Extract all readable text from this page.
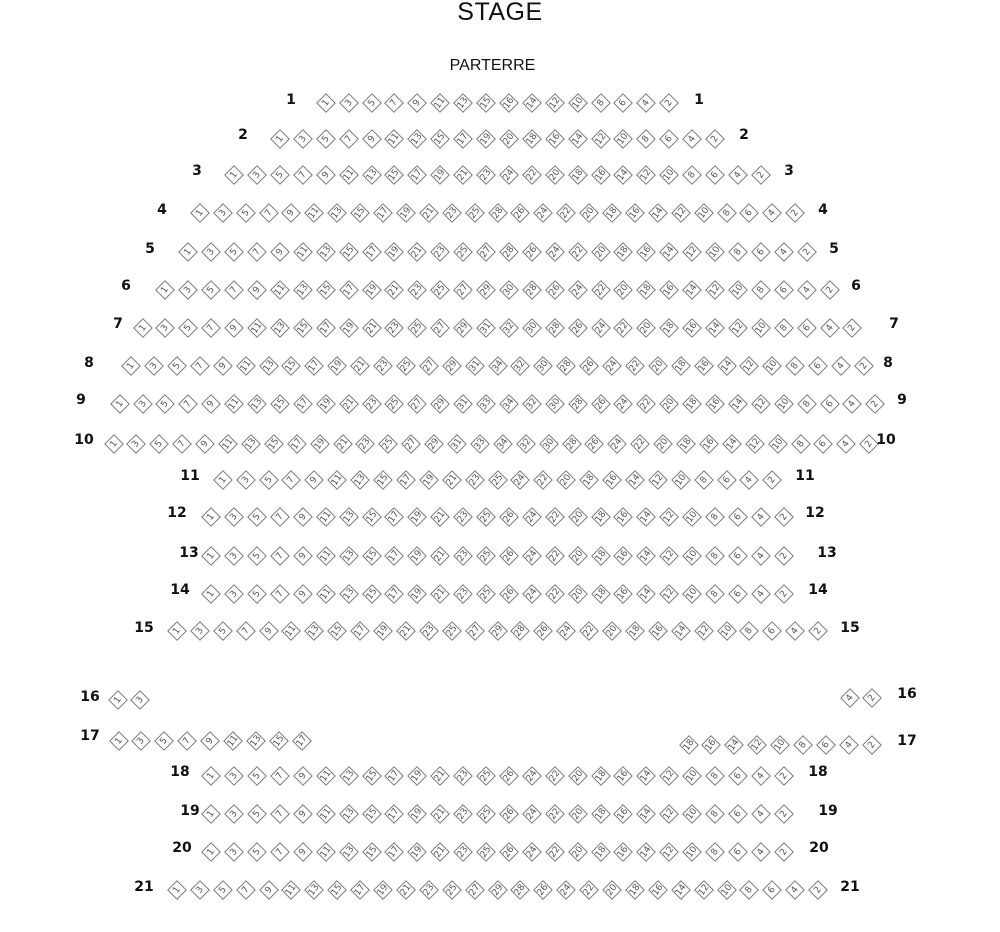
STAGE
PARTERRE
1	3	5	7	9	11 13 15 16 14 12 10	8	6	4	2
1	1
1	3	5	7	9	11 13 15 17 19 20 18 16 14 12 10	8	6	4	2
2	2
1	3	5	7	9	11 13 15 17 19 21 23 24 22 20 18 16 14 12 10	8	6	4	2
3	3
1	3	5	7	9	11 13 15 17 19 21 23 25 28 26 24 22 20 18 16 14 12 10	8	6	4	2
4	4
1	3	5	7	9	11 13 15 17 19 21 23 25 27 28 26 24 22 20 18 16 14 12 10	8	6	4	2
5	5
1	3	5	7	9	11 13 15 17 19 21 23 25 27 29 30 28 26 24 22 20 18 16 14 12 10	8	6	4	2
6	6
1	3	5	7	9	11 13 15 17 19 21 23 25 27 29 31 32 30 28 26 24 22 20 18 16 14 12 10	8	6	4	2
7	7
1	3	5	7	9	11 13 15 17 19 21 23 25 27 29 31 34 32 30 28 26 24 22 20 18 16 14 12 10	8	6	4	2
8	8
1	3	5	7	9	11 13 15 17 19 21 23 25 27 29 31 33 34 32 30 28 26 24 22 20 18 16 14 12 10	8	6	4	2
9	9
1	3	5	7	9	11 13 15 17 19 21 23 25 27 29 31 33 34 32 30 28 26 24 22 20 18 16 14 12 10	8	6	4	2
10	10
1	3	5	7	9	11 13 15 17 19 21 23 25 24 22 20 18 16 14 12 10	8	6	4	2
11	11
1	3	5	7	9	11 13 15 17 19 21 23 25 26 24 22 20 18 16 14 12 10	8	6	4	2
12	12
1	3	5	7	9	11 13 15 17 19 21 23 25 26 24 22 20 18 16 14 12 10	8	6	4	2
13	13
1	3	5	7	9	11 13 15 17 19 21 23 25 26 24 22 20 18 16 14 12 10	8	6	4	2
14	14
1	3	5	7	9	11 13 15 17 19 21 23 25 27 29 28 26 24 22 20 18 16 14 12 10	8	6	4	2
15	15
1	3	4	2
16	16
1	3	5	7	9	11 13 15 17	18 16 14 12 10	8	6	4	2
17	17
1	3	5	7	9	11 13 15 17 19 21 23 25 26 24 22 20 18 16 14 12 10	8	6	4	2
18	18
1	3	5	7	9	11 13 15 17 19 21 23 25 26 24 22 20 18 16 14 12 10	8	6	4	2
19	19
1	3	5	7	9	11 13 15 17 19 21 23 25 26 24 22 20 18 16 14 12 10	8	6	4	2
20	20
1	3	5	7	9	11 13 15 17 19 21 23 25 27 29 28 26 24 22 20 18 16 14 12 10	8	6	4	2
21	21
